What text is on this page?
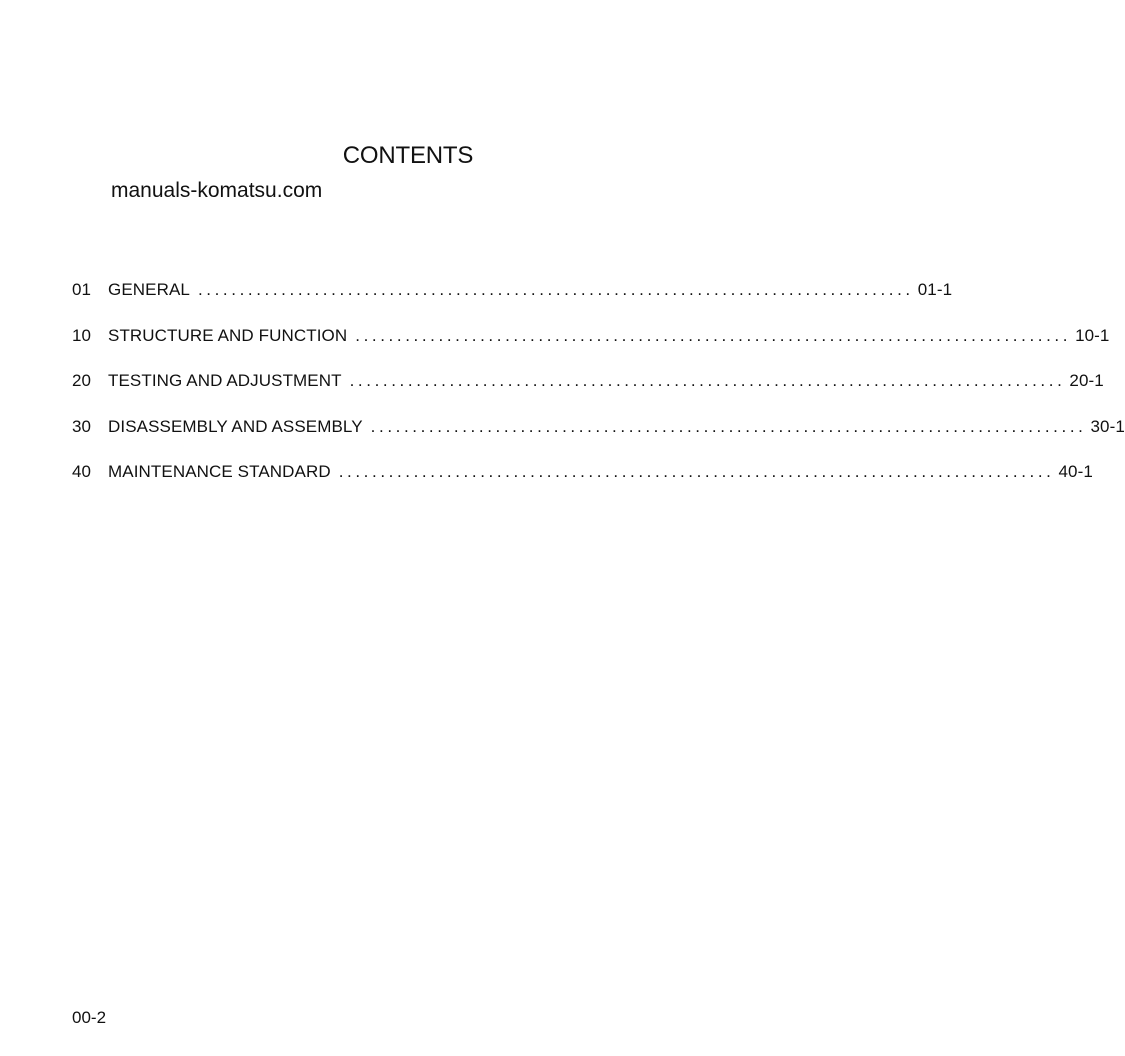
CONTENTS
manuals-komatsu.com
01 GENERAL ...................................................................................... 01-1
10 STRUCTURE AND FUNCTION ...................................................................................... 10-1
20 TESTING AND ADJUSTMENT ...................................................................................... 20-1
30 DISASSEMBLY AND ASSEMBLY ...................................................................................... 30-1
40 MAINTENANCE STANDARD ...................................................................................... 40-1
00-2
